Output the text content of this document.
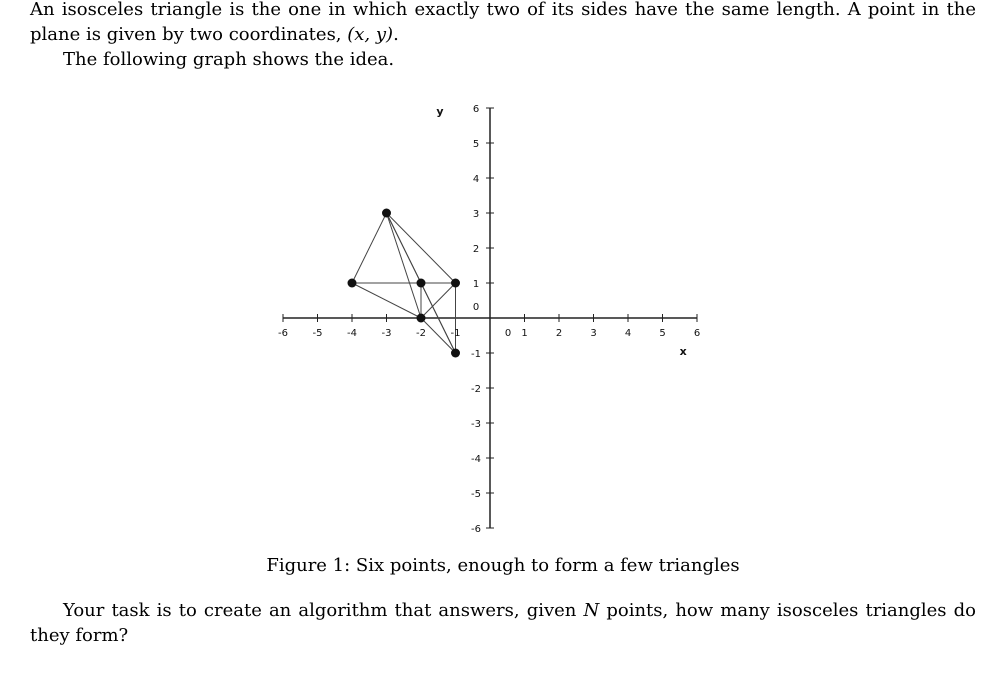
An isosceles triangle is the one in which exactly two of its sides have the same length. A point in the plane is given by two coordinates, (x, y).

The following graph shows the idea.

-6 -5 -4 -3 -2 -1	0 1	2	3	4	5	6
6
5
4
3
2
1
0
-1
-2
-3
-4
-5
-6
x
y
Figure 1: Six points, enough to form a few triangles

Your task is to create an algorithm that answers, given N points, how many isosceles triangles do they form?
